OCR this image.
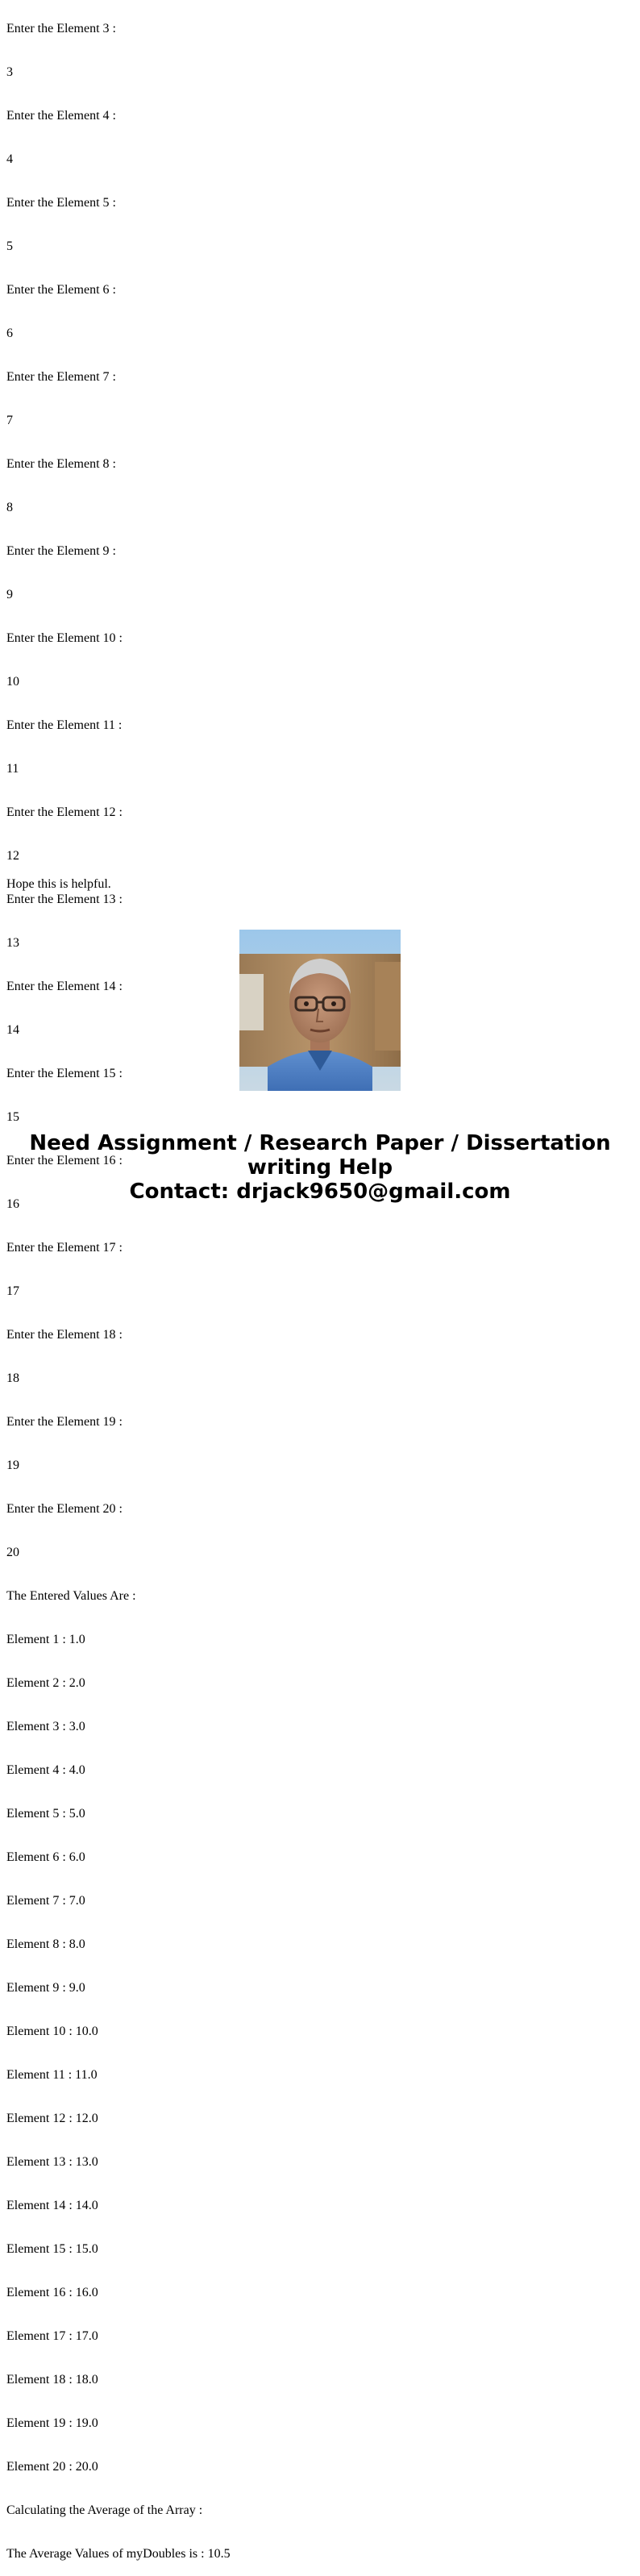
Enter the Element 3 :

3

Enter the Element 4 :

4

Enter the Element 5 :

5

Enter the Element 6 :

6

Enter the Element 7 :

7

Enter the Element 8 :

8

Enter the Element 9 :

9

Enter the Element 10 :

10

Enter the Element 11 :

11

Enter the Element 12 :

12

Enter the Element 13 :

13

Enter the Element 14 :

14

Enter the Element 15 :

15

Enter the Element 16 :

16

Enter the Element 17 :

17

Enter the Element 18 :

18

Enter the Element 19 :

19

Enter the Element 20 :

20

The Entered Values Are :

Element 1 : 1.0

Element 2 : 2.0

Element 3 : 3.0

Element 4 : 4.0

Element 5 : 5.0

Element 6 : 6.0

Element 7 : 7.0

Element 8 : 8.0

Element 9 : 9.0

Element 10 : 10.0

Element 11 : 11.0

Element 12 : 12.0

Element 13 : 13.0

Element 14 : 14.0

Element 15 : 15.0

Element 16 : 16.0

Element 17 : 17.0

Element 18 : 18.0

Element 19 : 19.0

Element 20 : 20.0

Calculating the Average of the Array :

The Average Values of myDoubles is : 10.5

Hope this is helpful.
Need Assignment / Research Paper / Dissertation
writing Help
Contact: drjack9650@gmail.com
